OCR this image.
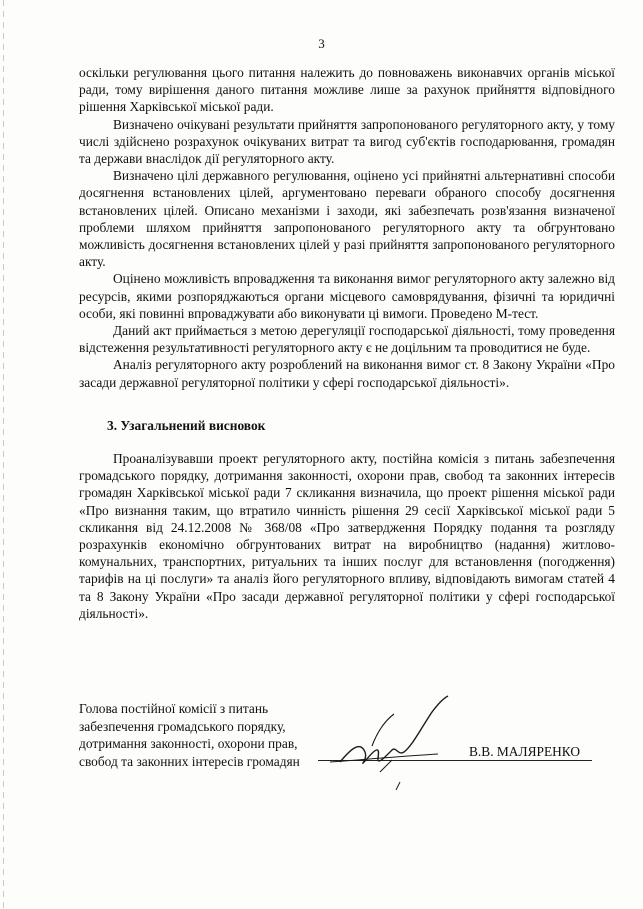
3

оскільки регулювання цього питання належить до повноважень виконавчих органів міської ради, тому вирішення даного питання можливе лише за рахунок прийняття відповідного рішення Харківської міської ради.

Визначено очікувані результати прийняття запропонованого регуляторного акту, у тому числі здійснено розрахунок очікуваних витрат та вигод суб'єктів господарювання, громадян та держави внаслідок дії регуляторного акту.

Визначено цілі державного регулювання, оцінено усі прийнятні альтернативні способи досягнення встановлених цілей, аргументовано переваги обраного способу досягнення встановлених цілей. Описано механізми і заходи, які забезпечать розв'язання визначеної проблеми шляхом прийняття запропонованого регуляторного акту та обгрунтовано можливість досягнення встановлених цілей у разі прийняття запропонованого регуляторного акту.

Оцінено можливість впровадження та виконання вимог регуляторного акту залежно від ресурсів, якими розпоряджаються органи місцевого самоврядування, фізичні та юридичні особи, які повинні впроваджувати або виконувати ці вимоги. Проведено М-тест.

Даний акт приймається з метою дерегуляції господарської діяльності, тому проведення відстеження результативності регуляторного акту є не доцільним та проводитися не буде.

Аналіз регуляторного акту розроблений на виконання вимог ст. 8 Закону України «Про засади державної регуляторної політики у сфері господарської діяльності».

3. Узагальнений висновок

Проаналізувавши проект регуляторного акту, постійна комісія з питань забезпечення громадського порядку, дотримання законності, охорони прав, свобод та законних інтересів громадян Харківської міської ради 7 скликання визначила, що проект рішення міської ради «Про визнання таким, що втратило чинність рішення 29 сесії Харківської міської ради 5 скликання від 24.12.2008 № 368/08 «Про затвердження Порядку подання та розгляду розрахунків економічно обгрунтованих витрат на виробництво (надання) житлово-комунальних, транспортних, ритуальних та інших послуг для встановлення (погодження) тарифів на ці послуги» та аналіз його регуляторного впливу, відповідають вимогам статей 4 та 8 Закону України «Про засади державної регуляторної політики у сфері господарської діяльності».

Голова постійної комісії з питань
забезпечення громадського порядку,
дотримання законності, охорони прав,
свобод та законних інтересів громадян
В.В. МАЛЯРЕНКО
